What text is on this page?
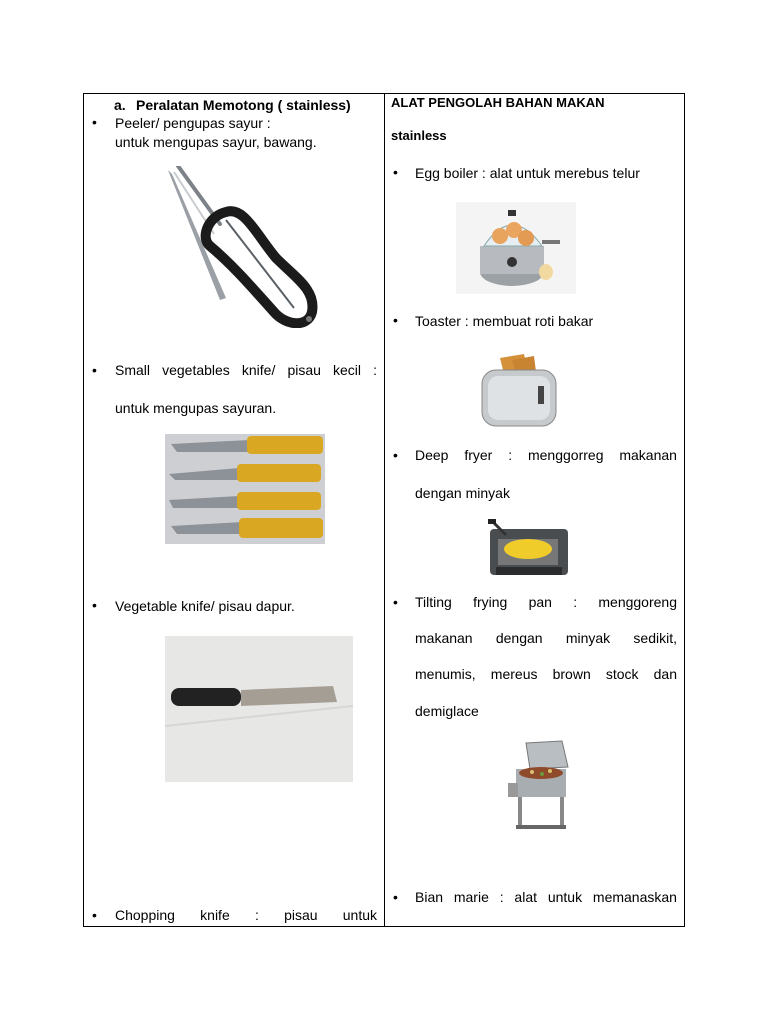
a. Peralatan Memotong ( stainless)
• Peeler/ pengupas sayur :
untuk mengupas sayur, bawang.
• Small vegetables knife/ pisau kecil :
untuk mengupas sayuran.
• Vegetable knife/ pisau dapur.
• Chopping knife : pisau untuk
ALAT PENGOLAH BAHAN MAKAN
stainless
• Egg boiler : alat untuk merebus telur
• Toaster : membuat roti bakar
• Deep fryer : menggorreg makanan
dengan minyak
• Tilting frying pan : menggoreng
makanan dengan minyak sedikit,
menumis, mereus brown stock dan
demiglace
• Bian marie : alat untuk memanaskan
